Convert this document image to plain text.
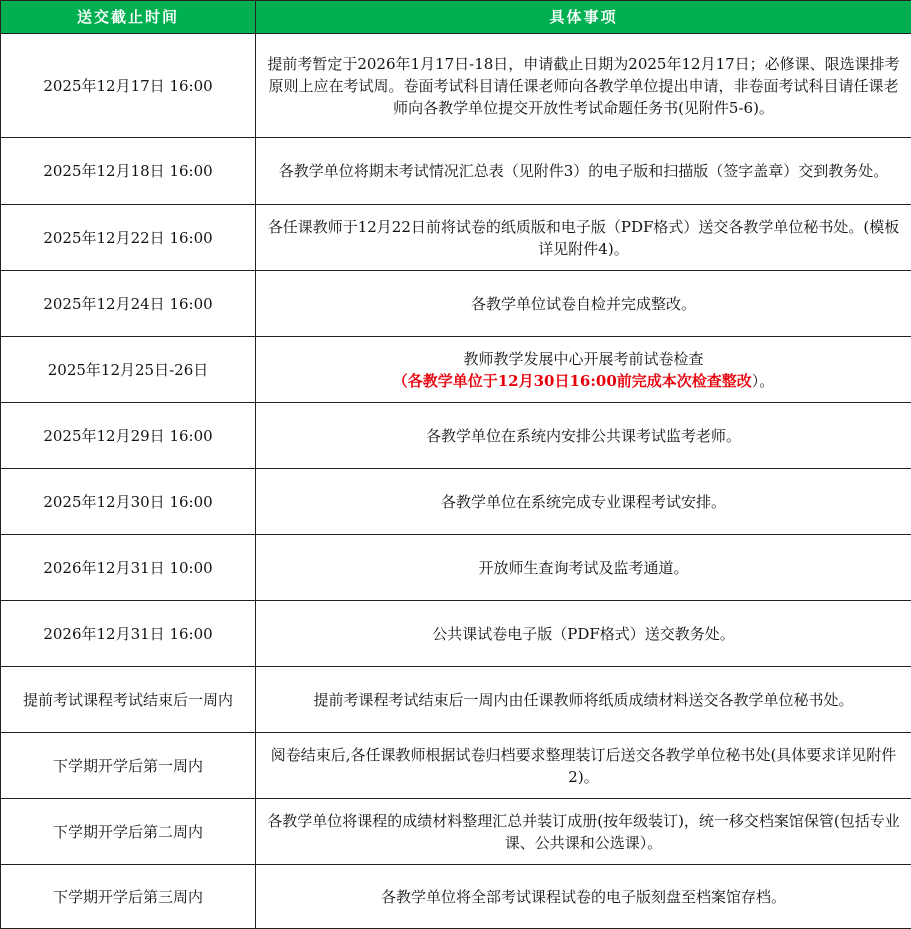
送交截止时间	具体事项
2025年12月17日 16:00	提前考暂定于2026年1月17日-18日，申请截止日期为2025年12月17日；必修课、限选课排考原则上应在考试周。卷面考试科目请任课老师向各教学单位提出申请，非卷面考试科目请任课老师向各教学单位提交开放性考试命题任务书(见附件5-6)。
2025年12月18日 16:00	各教学单位将期末考试情况汇总表（见附件3）的电子版和扫描版（签字盖章）交到教务处。
2025年12月22日 16:00	各任课教师于12月22日前将试卷的纸质版和电子版（PDF格式）送交各教学单位秘书处。(模板详见附件4)。
2025年12月24日 16:00	各教学单位试卷自检并完成整改。
2025年12月25日-26日	教师教学发展中心开展考前试卷检查
（各教学单位于12月30日16:00前完成本次检查整改）。

2025年12月29日 16:00	各教学单位在系统内安排公共课考试监考老师。
2025年12月30日 16:00	各教学单位在系统完成专业课程考试安排。
2026年12月31日 10:00	开放师生查询考试及监考通道。
2026年12月31日 16:00	公共课试卷电子版（PDF格式）送交教务处。
提前考试课程考试结束后一周内	提前考课程考试结束后一周内由任课教师将纸质成绩材料送交各教学单位秘书处。
下学期开学后第一周内	阅卷结束后,各任课教师根据试卷归档要求整理装订后送交各教学单位秘书处(具体要求详见附件 2)。
下学期开学后第二周内	各教学单位将课程的成绩材料整理汇总并装订成册(按年级装订)，统一移交档案馆保管(包括专业课、公共课和公选课）。
下学期开学后第三周内	各教学单位将全部考试课程试卷的电子版刻盘至档案馆存档。
